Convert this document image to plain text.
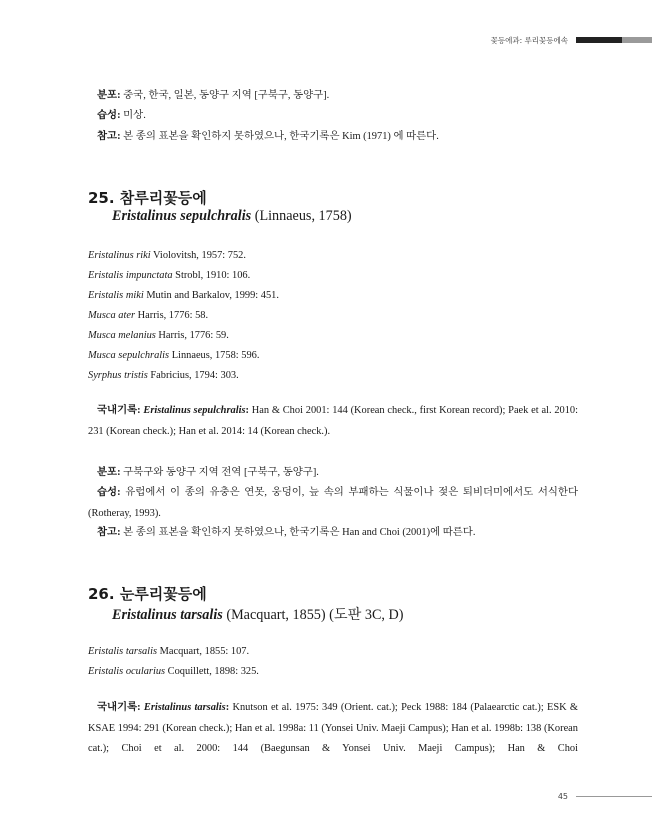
꽃등에과: 루리꽃등에속
분포: 중국, 한국, 일본, 동양구 지역 [구북구, 동양구].
습성: 미상.
참고: 본 종의 표본을 확인하지 못하였으나, 한국기록은 Kim (1971) 에 따른다.
25. 참루리꽃등에
Eristalinus sepulchralis (Linnaeus, 1758)
Eristalinus riki Violovitsh, 1957: 752.
Eristalis impunctata Strobl, 1910: 106.
Eristalis miki Mutin and Barkalov, 1999: 451.
Musca ater Harris, 1776: 58.
Musca melanius Harris, 1776: 59.
Musca sepulchralis Linnaeus, 1758: 596.
Syrphus tristis Fabricius, 1794: 303.
국내기록: Eristalinus sepulchralis: Han & Choi 2001: 144 (Korean check., first Korean record); Paek et al. 2010: 231 (Korean check.); Han et al. 2014: 14 (Korean check.).
분포: 구북구와 동양구 지역 전역 [구북구, 동양구].
습성: 유럽에서 이 종의 유충은 연못, 웅덩이, 늪 속의 부패하는 식물이나 젖은 퇴비더미에서도 서식한다 (Rotheray, 1993).
참고: 본 종의 표본을 확인하지 못하였으나, 한국기록은 Han and Choi (2001)에 따른다.
26. 눈루리꽃등에
Eristalinus tarsalis (Macquart, 1855) (도판 3C, D)
Eristalis tarsalis Macquart, 1855: 107.
Eristalis ocularius Coquillett, 1898: 325.
국내기록: Eristalinus tarsalis: Knutson et al. 1975: 349 (Orient. cat.); Peck 1988: 184 (Palaearctic cat.); ESK & KSAE 1994: 291 (Korean check.); Han et al. 1998a: 11 (Yonsei Univ. Maeji Campus); Han et al. 1998b: 138 (Korean cat.); Choi et al. 2000: 144 (Baegunsan & Yonsei Univ. Maeji Campus); Han & Choi
45
